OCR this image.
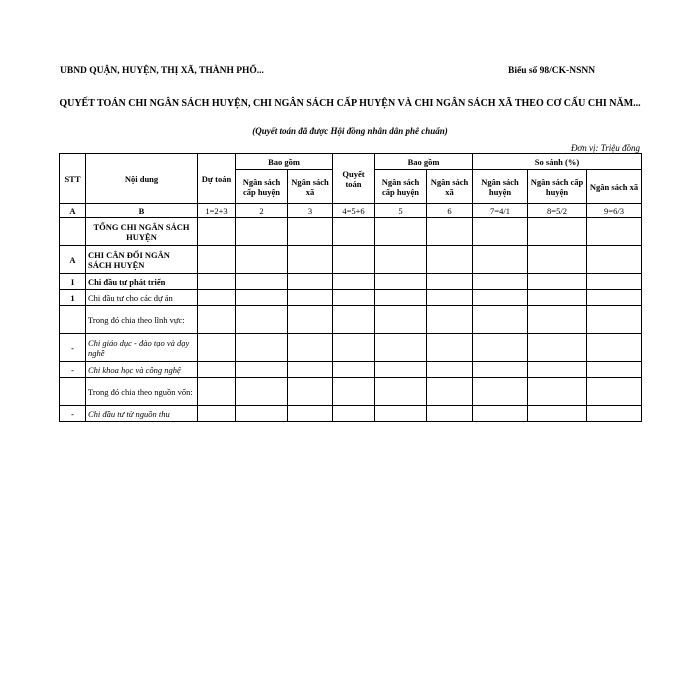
UBND QUẬN, HUYỆN, THỊ XÃ, THÀNH PHỐ...	Biểu số 98/CK-NSNN
QUYẾT TOÁN CHI NGÂN SÁCH HUYỆN, CHI NGÂN SÁCH CẤP HUYỆN VÀ CHI NGÂN SÁCH XÃ THEO CƠ CẤU CHI NĂM...
(Quyết toán đã được Hội đồng nhân dân phê chuẩn)
Đơn vị: Triệu đồng
STT	Nội dung	Dự toán	Bao gồm		Quyết toán	Bao gồm		So sánh (%)		
			Ngân sách cấp huyện	Ngân sách xã		Ngân sách cấp huyện	Ngân sách xã	Ngân sách huyện	Ngân sách cấp huyện	Ngân sách xã
A	B	1=2+3	2	3	4=5+6	5	6	7=4/1	8=5/2	9=6/3
	TỔNG CHI NGÂN SÁCH HUYỆN									
A	CHI CÂN ĐỐI NGÂN SÁCH HUYỆN									
I	Chi đầu tư phát triển									
1	Chi đầu tư cho các dự án									
	Trong đó chia theo lĩnh vực:									
-	Chi giáo dục - đào tạo và dạy nghề									
-	Chi khoa học và công nghệ									
	Trong đó chia theo nguồn vốn:									
-	Chi đầu tư từ nguồn thu									
